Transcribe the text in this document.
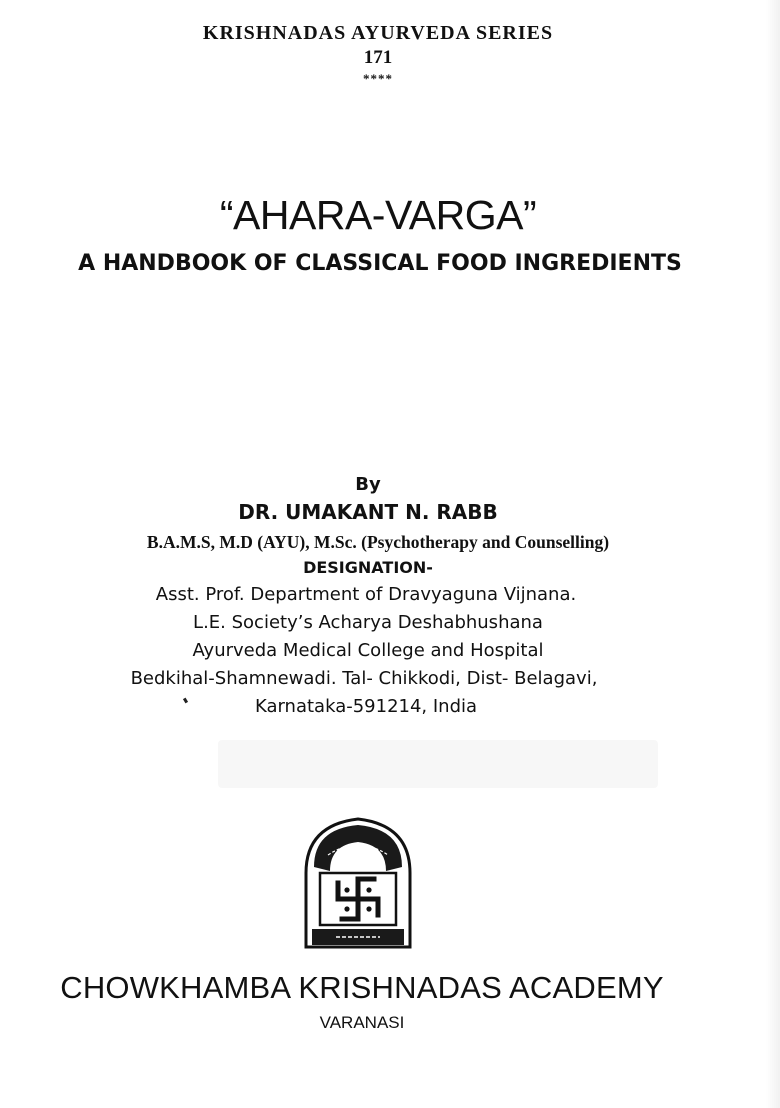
KRISHNADAS AYURVEDA SERIES
171
****
“AHARA-VARGA”
A HANDBOOK OF CLASSICAL FOOD INGREDIENTS
By
DR. UMAKANT N. RABB
B.A.M.S, M.D (AYU), M.Sc. (Psychotherapy and Counselling)
DESIGNATION-
Asst. Prof. Department of Dravyaguna Vijnana.
L.E. Society’s Acharya Deshabhushana
Ayurveda Medical College and Hospital
Bedkihal-Shamnewadi. Tal- Chikkodi, Dist- Belagavi,
Karnataka-591214, India
CHOWKHAMBA KRISHNADAS ACADEMY
VARANASI
